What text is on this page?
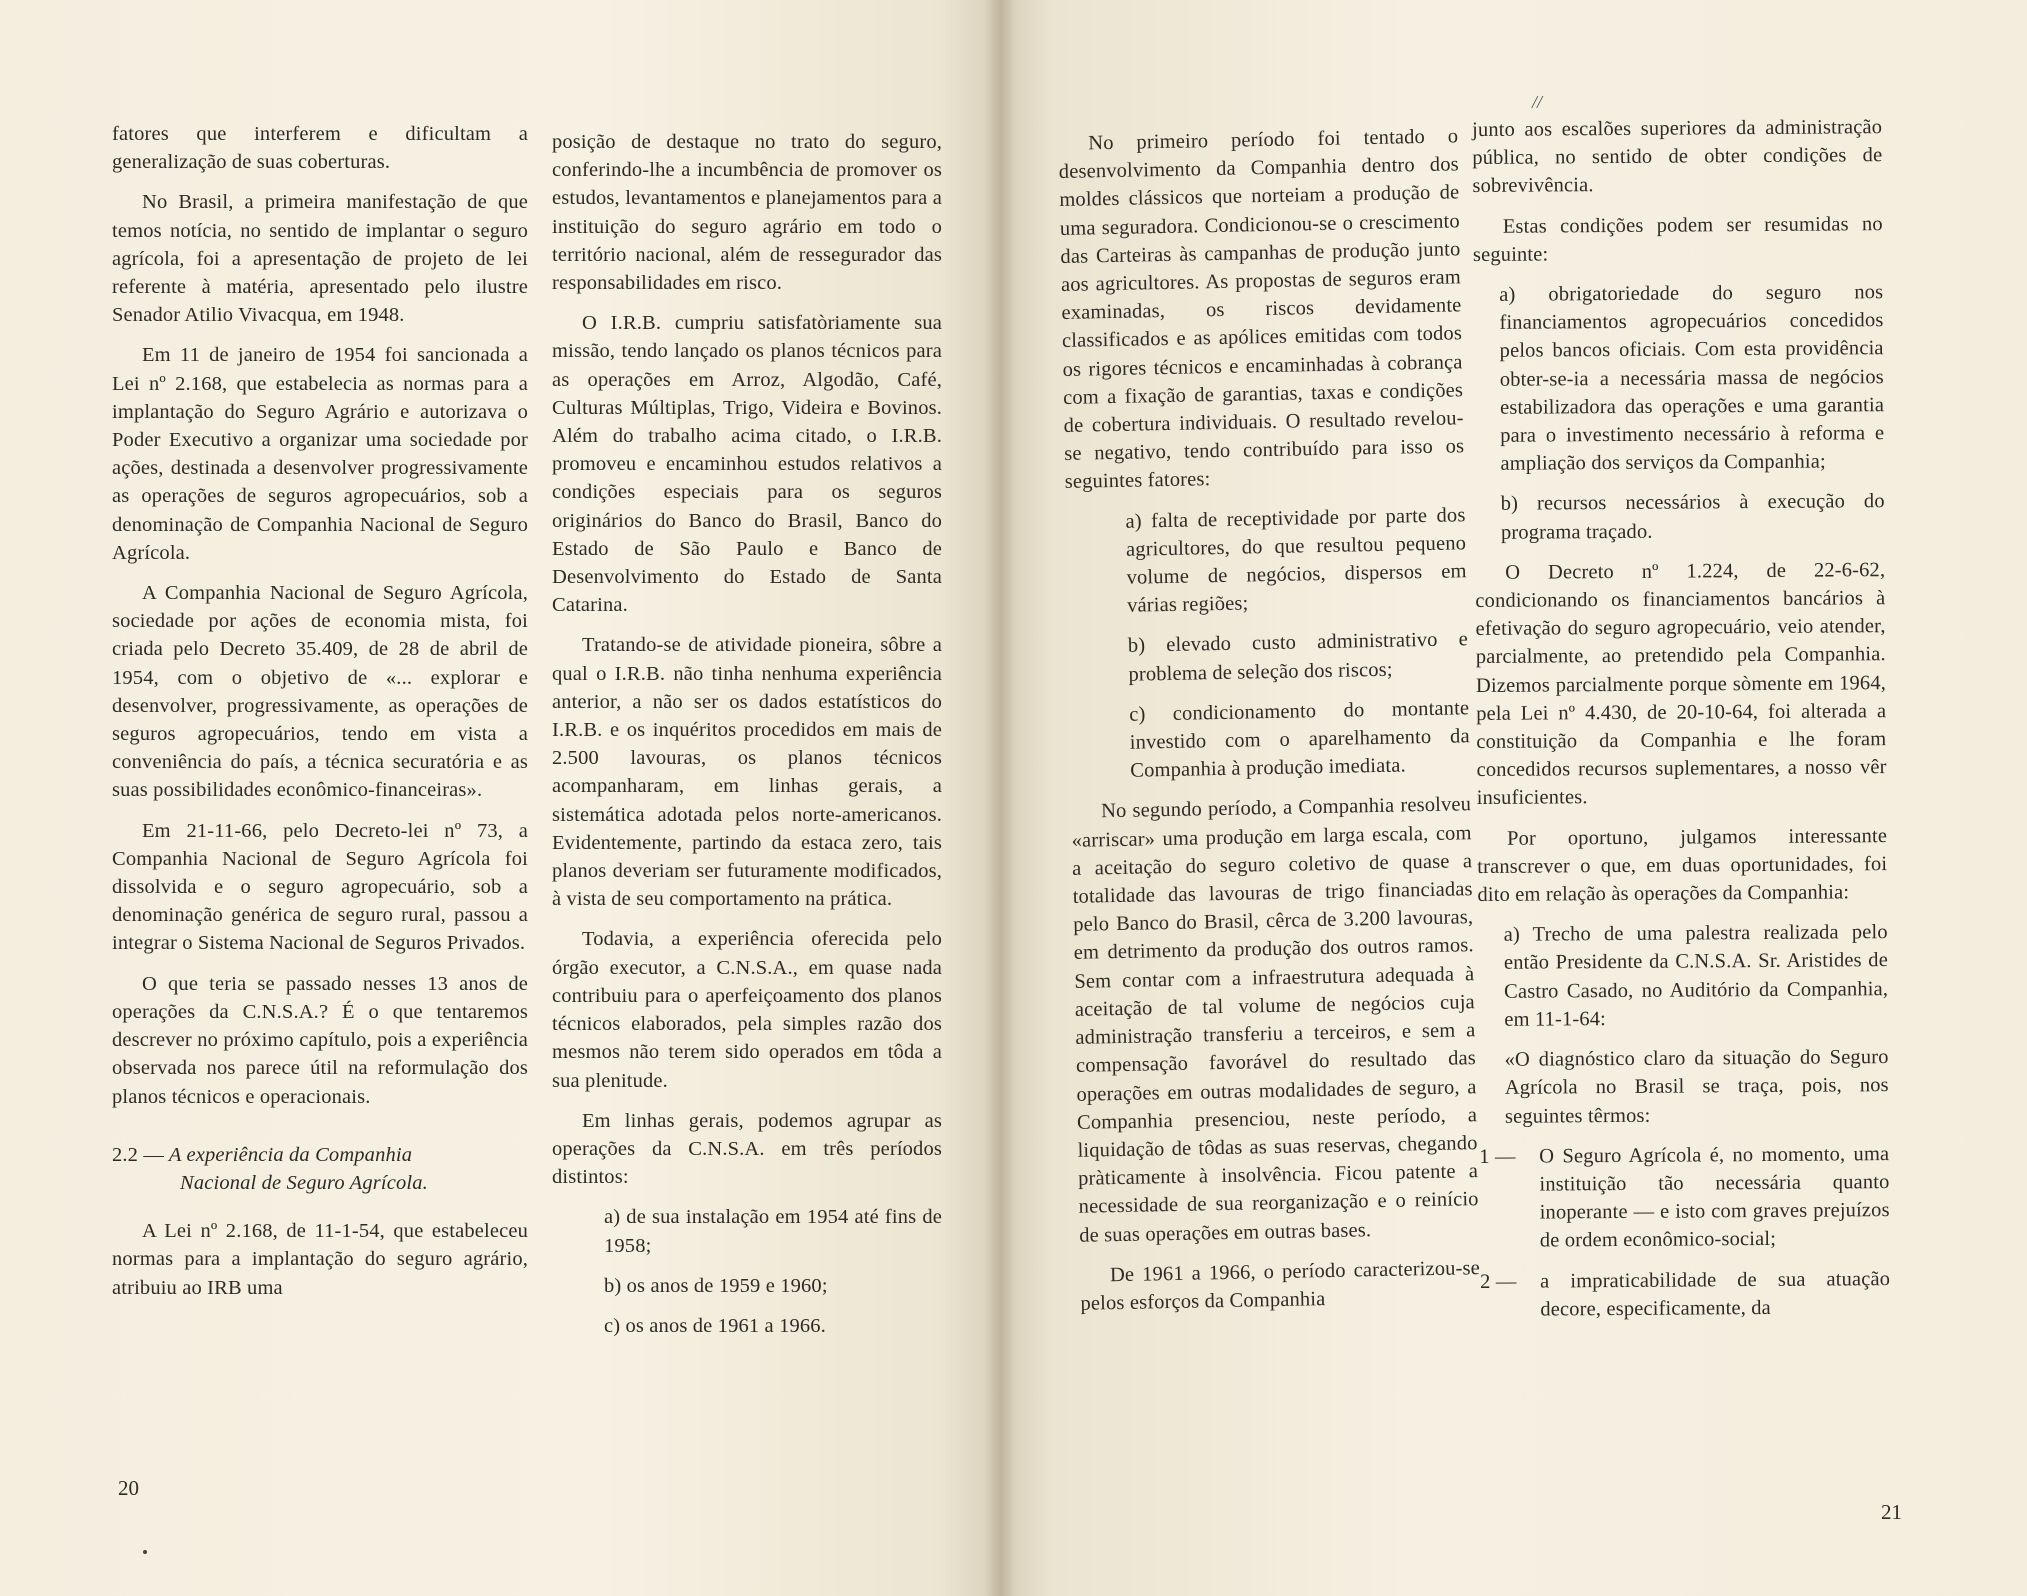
fatores que interferem e dificultam a generalização de suas coberturas.

No Brasil, a primeira manifestação de que temos notícia, no sentido de implantar o seguro agrícola, foi a apresentação de projeto de lei referente à matéria, apresentado pelo ilustre Senador Atilio Vivacqua, em 1948.

Em 11 de janeiro de 1954 foi sancionada a Lei nº 2.168, que estabelecia as normas para a implantação do Seguro Agrário e autorizava o Poder Executivo a organizar uma sociedade por ações, destinada a desenvolver progressivamente as operações de seguros agropecuários, sob a denominação de Companhia Nacional de Seguro Agrícola.

A Companhia Nacional de Seguro Agrícola, sociedade por ações de economia mista, foi criada pelo Decreto 35.409, de 28 de abril de 1954, com o objetivo de «... explorar e desenvolver, progressivamente, as operações de seguros agropecuários, tendo em vista a conveniência do país, a técnica securatória e as suas possibilidades econômico-financeiras».

Em 21-11-66, pelo Decreto-lei nº 73, a Companhia Nacional de Seguro Agrícola foi dissolvida e o seguro agropecuário, sob a denominação genérica de seguro rural, passou a integrar o Sistema Nacional de Seguros Privados.

O que teria se passado nesses 13 anos de operações da C.N.S.A.? É o que tentaremos descrever no próximo capítulo, pois a experiência observada nos parece útil na reformulação dos planos técnicos e operacionais.

2.2 — A experiência da Companhia
Nacional de Seguro Agrícola.

A Lei nº 2.168, de 11-1-54, que estabeleceu normas para a implantação do seguro agrário, atribuiu ao IRB uma

posição de destaque no trato do seguro, conferindo-lhe a incumbência de promover os estudos, levantamentos e planejamentos para a instituição do seguro agrário em todo o território nacional, além de ressegurador das responsabilidades em risco.

O I.R.B. cumpriu satisfatòriamente sua missão, tendo lançado os planos técnicos para as operações em Arroz, Algodão, Café, Culturas Múltiplas, Trigo, Videira e Bovinos. Além do trabalho acima citado, o I.R.B. promoveu e encaminhou estudos relativos a condições especiais para os seguros originários do Banco do Brasil, Banco do Estado de São Paulo e Banco de Desenvolvimento do Estado de Santa Catarina.

Tratando-se de atividade pioneira, sôbre a qual o I.R.B. não tinha nenhuma experiência anterior, a não ser os dados estatísticos do I.R.B. e os inquéritos procedidos em mais de 2.500 lavouras, os planos técnicos acompanharam, em linhas gerais, a sistemática adotada pelos norte-americanos. Evidentemente, partindo da estaca zero, tais planos deveriam ser futuramente modificados, à vista de seu comportamento na prática.

Todavia, a experiência oferecida pelo órgão executor, a C.N.S.A., em quase nada contribuiu para o aperfeiçoamento dos planos técnicos elaborados, pela simples razão dos mesmos não terem sido operados em tôda a sua plenitude.

Em linhas gerais, podemos agrupar as operações da C.N.S.A. em três períodos distintos:

a) de sua instalação em 1954 até fins de 1958;

b) os anos de 1959 e 1960;

c) os anos de 1961 a 1966.

20

No primeiro período foi tentado o desenvolvimento da Companhia dentro dos moldes clássicos que norteiam a produção de uma seguradora. Condicionou-se o crescimento das Carteiras às campanhas de produção junto aos agricultores. As propostas de seguros eram examinadas, os riscos devidamente classificados e as apólices emitidas com todos os rigores técnicos e encaminhadas à cobrança com a fixação de garantias, taxas e condições de cobertura individuais. O resultado revelou-se negativo, tendo contribuído para isso os seguintes fatores:

a) falta de receptividade por parte dos agricultores, do que resultou pequeno volume de negócios, dispersos em várias regiões;

b) elevado custo administrativo e problema de seleção dos riscos;

c) condicionamento do montante investido com o aparelhamento da Companhia à produção imediata.

No segundo período, a Companhia resolveu «arriscar» uma produção em larga escala, com a aceitação do seguro coletivo de quase a totalidade das lavouras de trigo financiadas pelo Banco do Brasil, cêrca de 3.200 lavouras, em detrimento da produção dos outros ramos. Sem contar com a infraestrutura adequada à aceitação de tal volume de negócios cuja administração transferiu a terceiros, e sem a compensação favorável do resultado das operações em outras modalidades de seguro, a Companhia presenciou, neste período, a liquidação de tôdas as suas reservas, chegando pràticamente à insolvência. Ficou patente a necessidade de sua reorganização e o reinício de suas operações em outras bases.

De 1961 a 1966, o período caracterizou-se pelos esforços da Companhia

junto aos escalões superiores da administração pública, no sentido de obter condições de sobrevivência.

Estas condições podem ser resumidas no seguinte:

a) obrigatoriedade do seguro nos financiamentos agropecuários concedidos pelos bancos oficiais. Com esta providência obter-se-ia a necessária massa de negócios estabilizadora das operações e uma garantia para o investimento necessário à reforma e ampliação dos serviços da Companhia;

b) recursos necessários à execução do programa traçado.

O Decreto nº 1.224, de 22-6-62, condicionando os financiamentos bancários à efetivação do seguro agropecuário, veio atender, parcialmente, ao pretendido pela Companhia. Dizemos parcialmente porque sòmente em 1964, pela Lei nº 4.430, de 20-10-64, foi alterada a constituição da Companhia e lhe foram concedidos recursos suplementares, a nosso vêr insuficientes.

Por oportuno, julgamos interessante transcrever o que, em duas oportunidades, foi dito em relação às operações da Companhia:

a) Trecho de uma palestra realizada pelo então Presidente da C.N.S.A. Sr. Aristides de Castro Casado, no Auditório da Companhia, em 11-1-64:

«O diagnóstico claro da situação do Seguro Agrícola no Brasil se traça, pois, nos seguintes têrmos:

1 — O Seguro Agrícola é, no momento, uma instituição tão necessária quanto inoperante — e isto com graves prejuízos de ordem econômico-social;

2 — a impraticabilidade de sua atuação decore, especificamente, da

//
21
